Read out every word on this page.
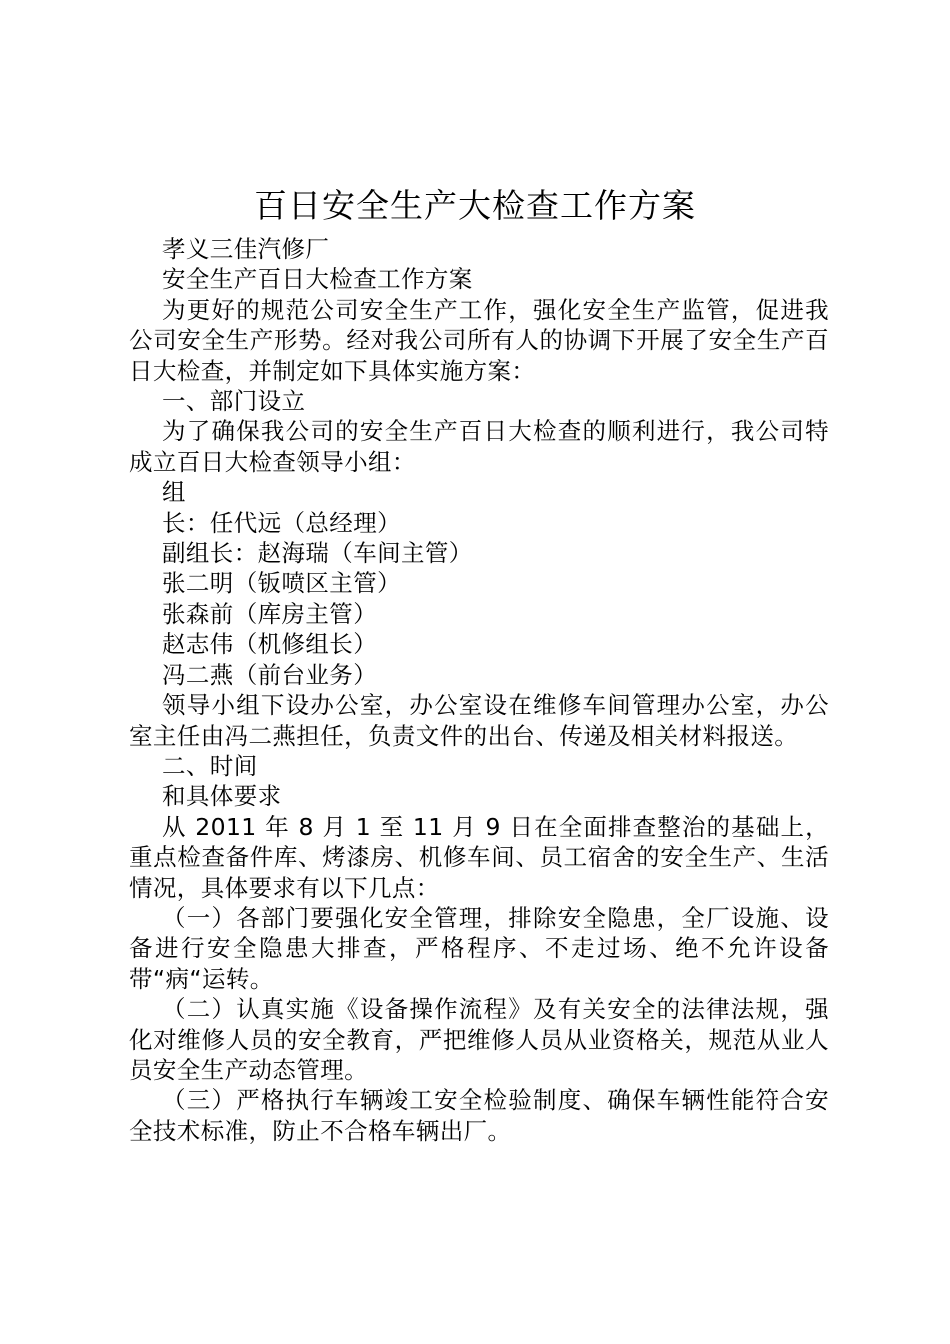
百日安全生产大检查工作方案

孝义三佳汽修厂

安全生产百日大检查工作方案

为更好的规范公司安全生产工作，强化安全生产监管，促进我公司安全生产形势。经对我公司所有人的协调下开展了安全生产百日大检查，并制定如下具体实施方案：

一、部门设立

为了确保我公司的安全生产百日大检查的顺利进行，我公司特成立百日大检查领导小组：

组

长：任代远（总经理）

副组长：赵海瑞（车间主管）

张二明（钣喷区主管）

张森前（库房主管）

赵志伟（机修组长）

冯二燕（前台业务）

领导小组下设办公室，办公室设在维修车间管理办公室，办公室主任由冯二燕担任，负责文件的出台、传递及相关材料报送。

二、时间

和具体要求

从 2011 年 8 月 1 至 11 月 9 日在全面排查整治的基础上，重点检查备件库、烤漆房、机修车间、员工宿舍的安全生产、生活情况，具体要求有以下几点：

（一）各部门要强化安全管理，排除安全隐患，全厂设施、设备进行安全隐患大排查，严格程序、不走过场、绝不允许设备带“病“运转。

（二）认真实施《设备操作流程》及有关安全的法律法规，强化对维修人员的安全教育，严把维修人员从业资格关，规范从业人员安全生产动态管理。

（三）严格执行车辆竣工安全检验制度、确保车辆性能符合安全技术标准，防止不合格车辆出厂。
